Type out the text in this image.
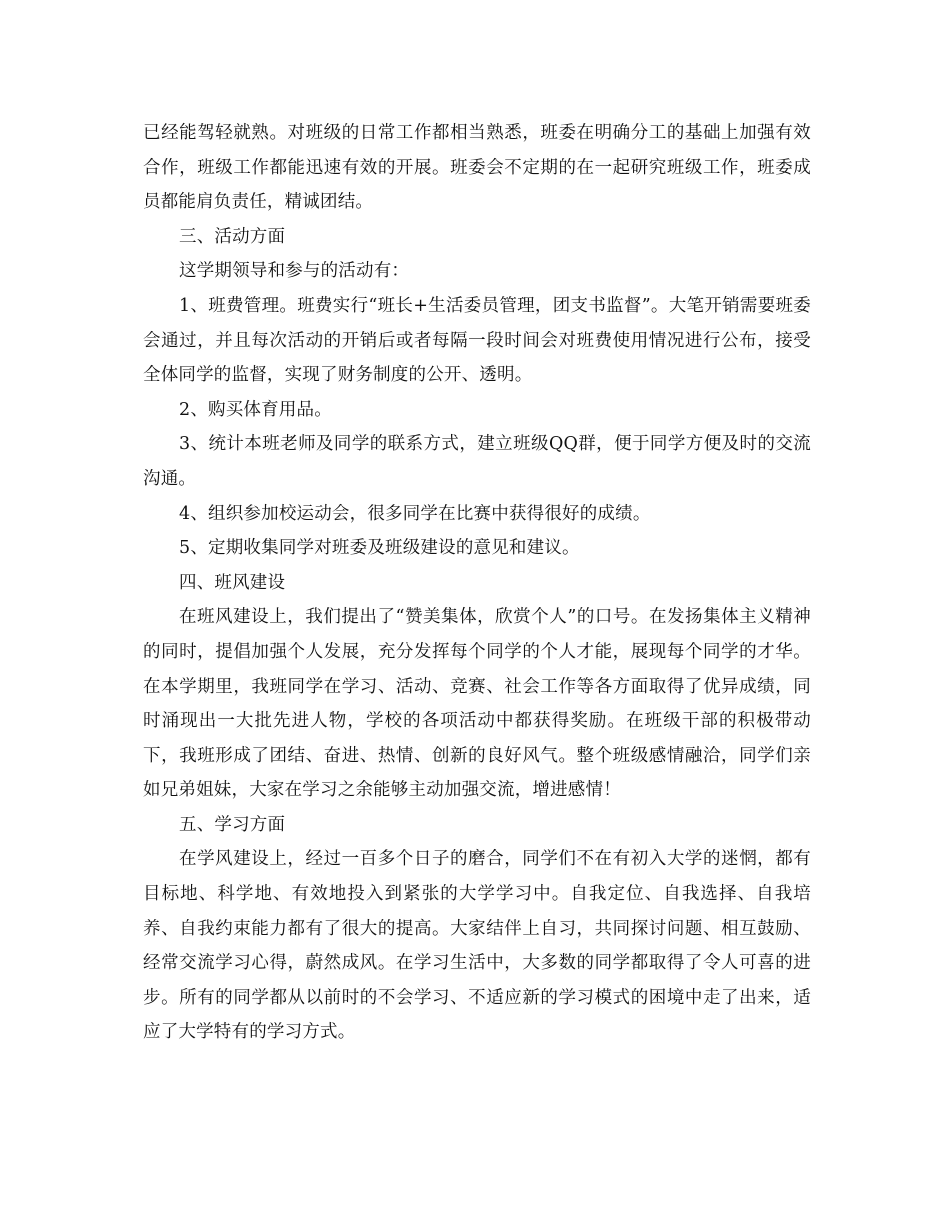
已经能驾轻就熟。对班级的日常工作都相当熟悉，班委在明确分工的基础上加强有效合作，班级工作都能迅速有效的开展。班委会不定期的在一起研究班级工作，班委成员都能肩负责任，精诚团结。

三、活动方面

这学期领导和参与的活动有：

1、班费管理。班费实行“班长+生活委员管理，团支书监督”。大笔开销需要班委会通过，并且每次活动的开销后或者每隔一段时间会对班费使用情况进行公布，接受全体同学的监督，实现了财务制度的公开、透明。

2、购买体育用品。

3、统计本班老师及同学的联系方式，建立班级QQ群，便于同学方便及时的交流沟通。

4、组织参加校运动会，很多同学在比赛中获得很好的成绩。

5、定期收集同学对班委及班级建设的意见和建议。

四、班风建设

在班风建设上，我们提出了“赞美集体，欣赏个人”的口号。在发扬集体主义精神的同时，提倡加强个人发展，充分发挥每个同学的个人才能，展现每个同学的才华。在本学期里，我班同学在学习、活动、竞赛、社会工作等各方面取得了优异成绩，同时涌现出一大批先进人物，学校的各项活动中都获得奖励。在班级干部的积极带动下，我班形成了团结、奋进、热情、创新的良好风气。整个班级感情融洽，同学们亲如兄弟姐妹，大家在学习之余能够主动加强交流，增进感情！

五、学习方面

在学风建设上，经过一百多个日子的磨合，同学们不在有初入大学的迷惘，都有目标地、科学地、有效地投入到紧张的大学学习中。自我定位、自我选择、自我培养、自我约束能力都有了很大的提高。大家结伴上自习，共同探讨问题、相互鼓励、经常交流学习心得，蔚然成风。在学习生活中，大多数的同学都取得了令人可喜的进步。所有的同学都从以前时的不会学习、不适应新的学习模式的困境中走了出来，适应了大学特有的学习方式。
